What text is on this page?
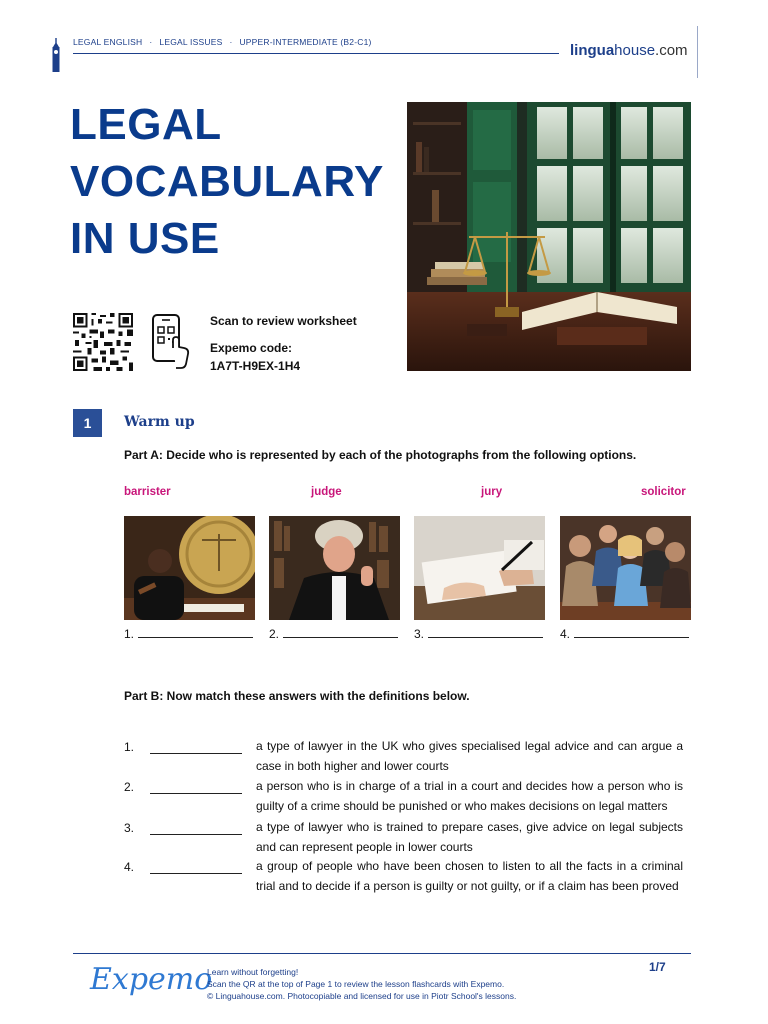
LEGAL ENGLISH · LEGAL ISSUES · UPPER-INTERMEDIATE (B2-C1)	linguahouse.com
LEGAL
VOCABULARY
IN USE
Scan to review worksheet
Expemo code:
1A7T-H9EX-1H4
1	Warm up
Part A: Decide who is represented by each of the photographs from the following options.
barrister	judge	jury	solicitor
1.	2.	3.	4.
Part B: Now match these answers with the definitions below.
1.	a type of lawyer in the UK who gives specialised legal advice and can argue a case in both higher and lower courts
2.	a person who is in charge of a trial in a court and decides how a person who is guilty of a crime should be punished or who makes decisions on legal matters
3.	a type of lawyer who is trained to prepare cases, give advice on legal subjects and can represent people in lower courts
4.	a group of people who have been chosen to listen to all the facts in a criminal trial and to decide if a person is guilty or not guilty, or if a claim has been proved
Expemo
Learn without forgetting!
Scan the QR at the top of Page 1 to review the lesson flashcards with Expemo.
© Linguahouse.com. Photocopiable and licensed for use in Piotr School's lessons.
1/7
